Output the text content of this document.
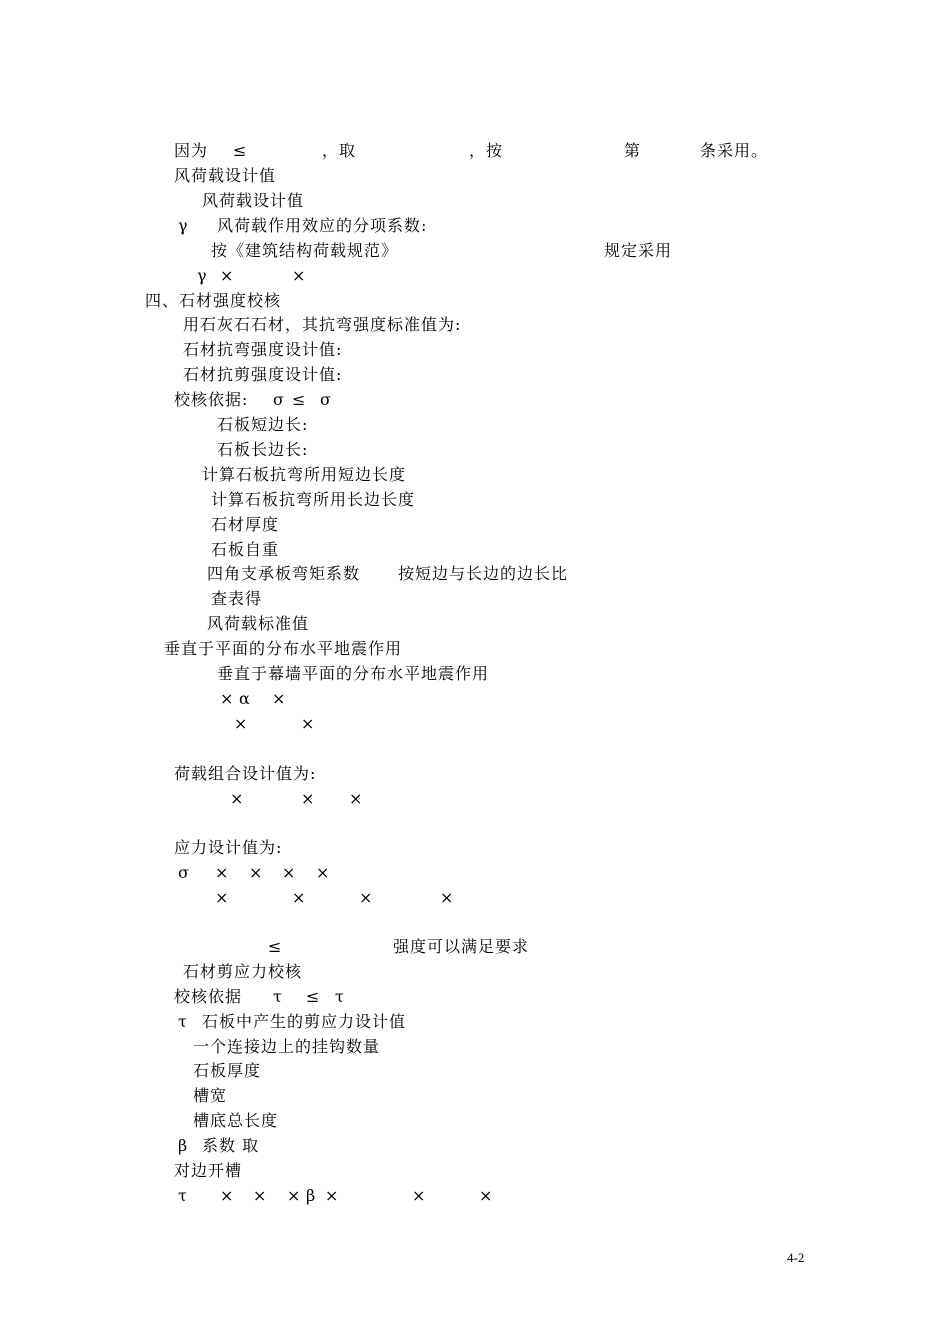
因为 ≤	，取	，按	第	条采用。
风荷载设计值
风荷载设计值
γ 风荷载作用效应的分项系数:
按《建筑结构荷载规范》	规定采用
γ ×	×
四、石材强度校核
用石灰石石材，其抗弯强度标准值为:
石材抗弯强度设计值:
石材抗剪强度设计值:
校核依据: σ ≤ σ
石板短边长:
石板长边长:
计算石板抗弯所用短边长度
计算石板抗弯所用长边长度
石材厚度
石板自重
四角支承板弯矩系数 按短边与长边的边长比
查表得
风荷载标准值
垂直于平面的分布水平地震作用
垂直于幕墙平面的分布水平地震作用
× α ×
×	×
荷载组合设计值为:
×	× ×
应力设计值为:
σ × × × ×
×	×	×	×
≤	强度可以满足要求
石材剪应力校核
校核依据 τ ≤ τ
τ 石板中产生的剪应力设计值
一个连接边上的挂钩数量
石板厚度
槽宽
槽底总长度
β 系数 取
对边开槽
τ × × × β ×	×	×
4-2
